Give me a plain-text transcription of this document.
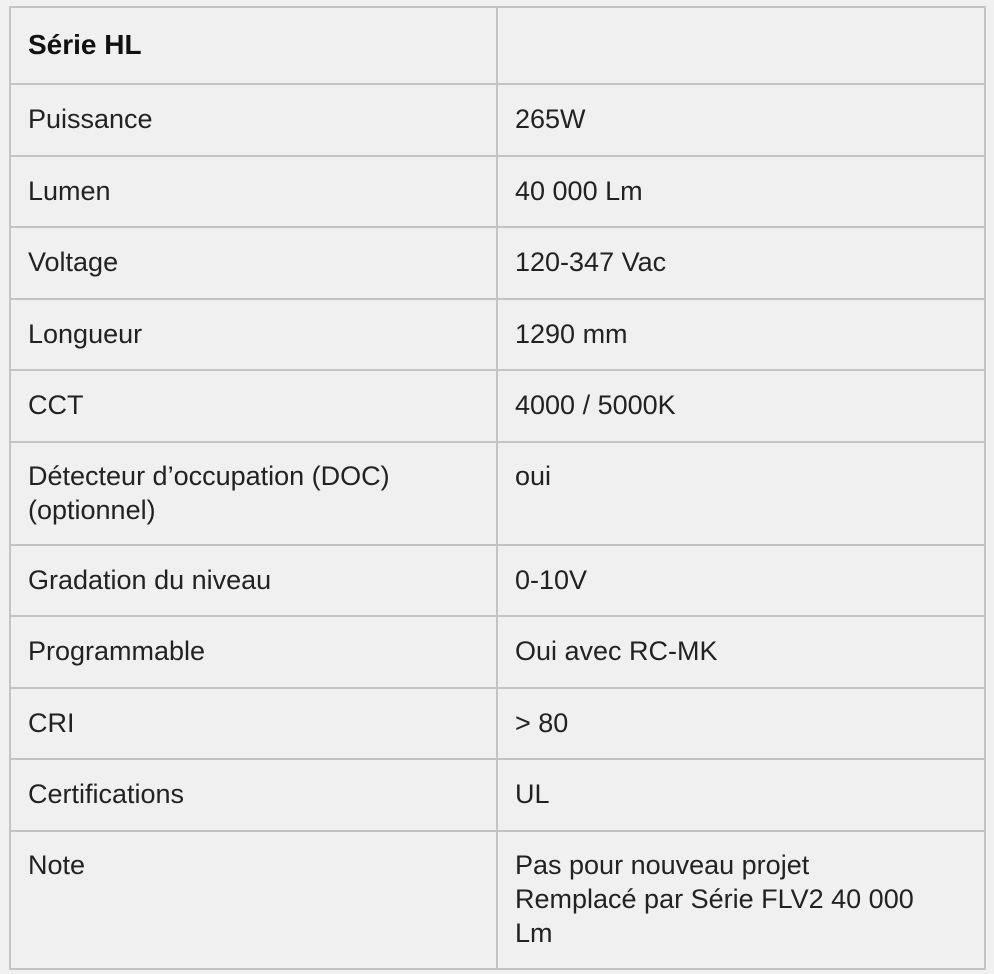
Série HL	
Puissance	265W
Lumen	40 000 Lm
Voltage	120-347 Vac
Longueur	1290 mm
CCT	4000 / 5000K

Détecteur d’occupation (DOC)
(optionnel)	oui
Gradation du niveau	0-10V
Programmable	Oui avec RC-MK
CRI	> 80
Certifications	UL
Note	Pas pour nouveau projet
Remplacé par Série FLV2 40 000
Lm
